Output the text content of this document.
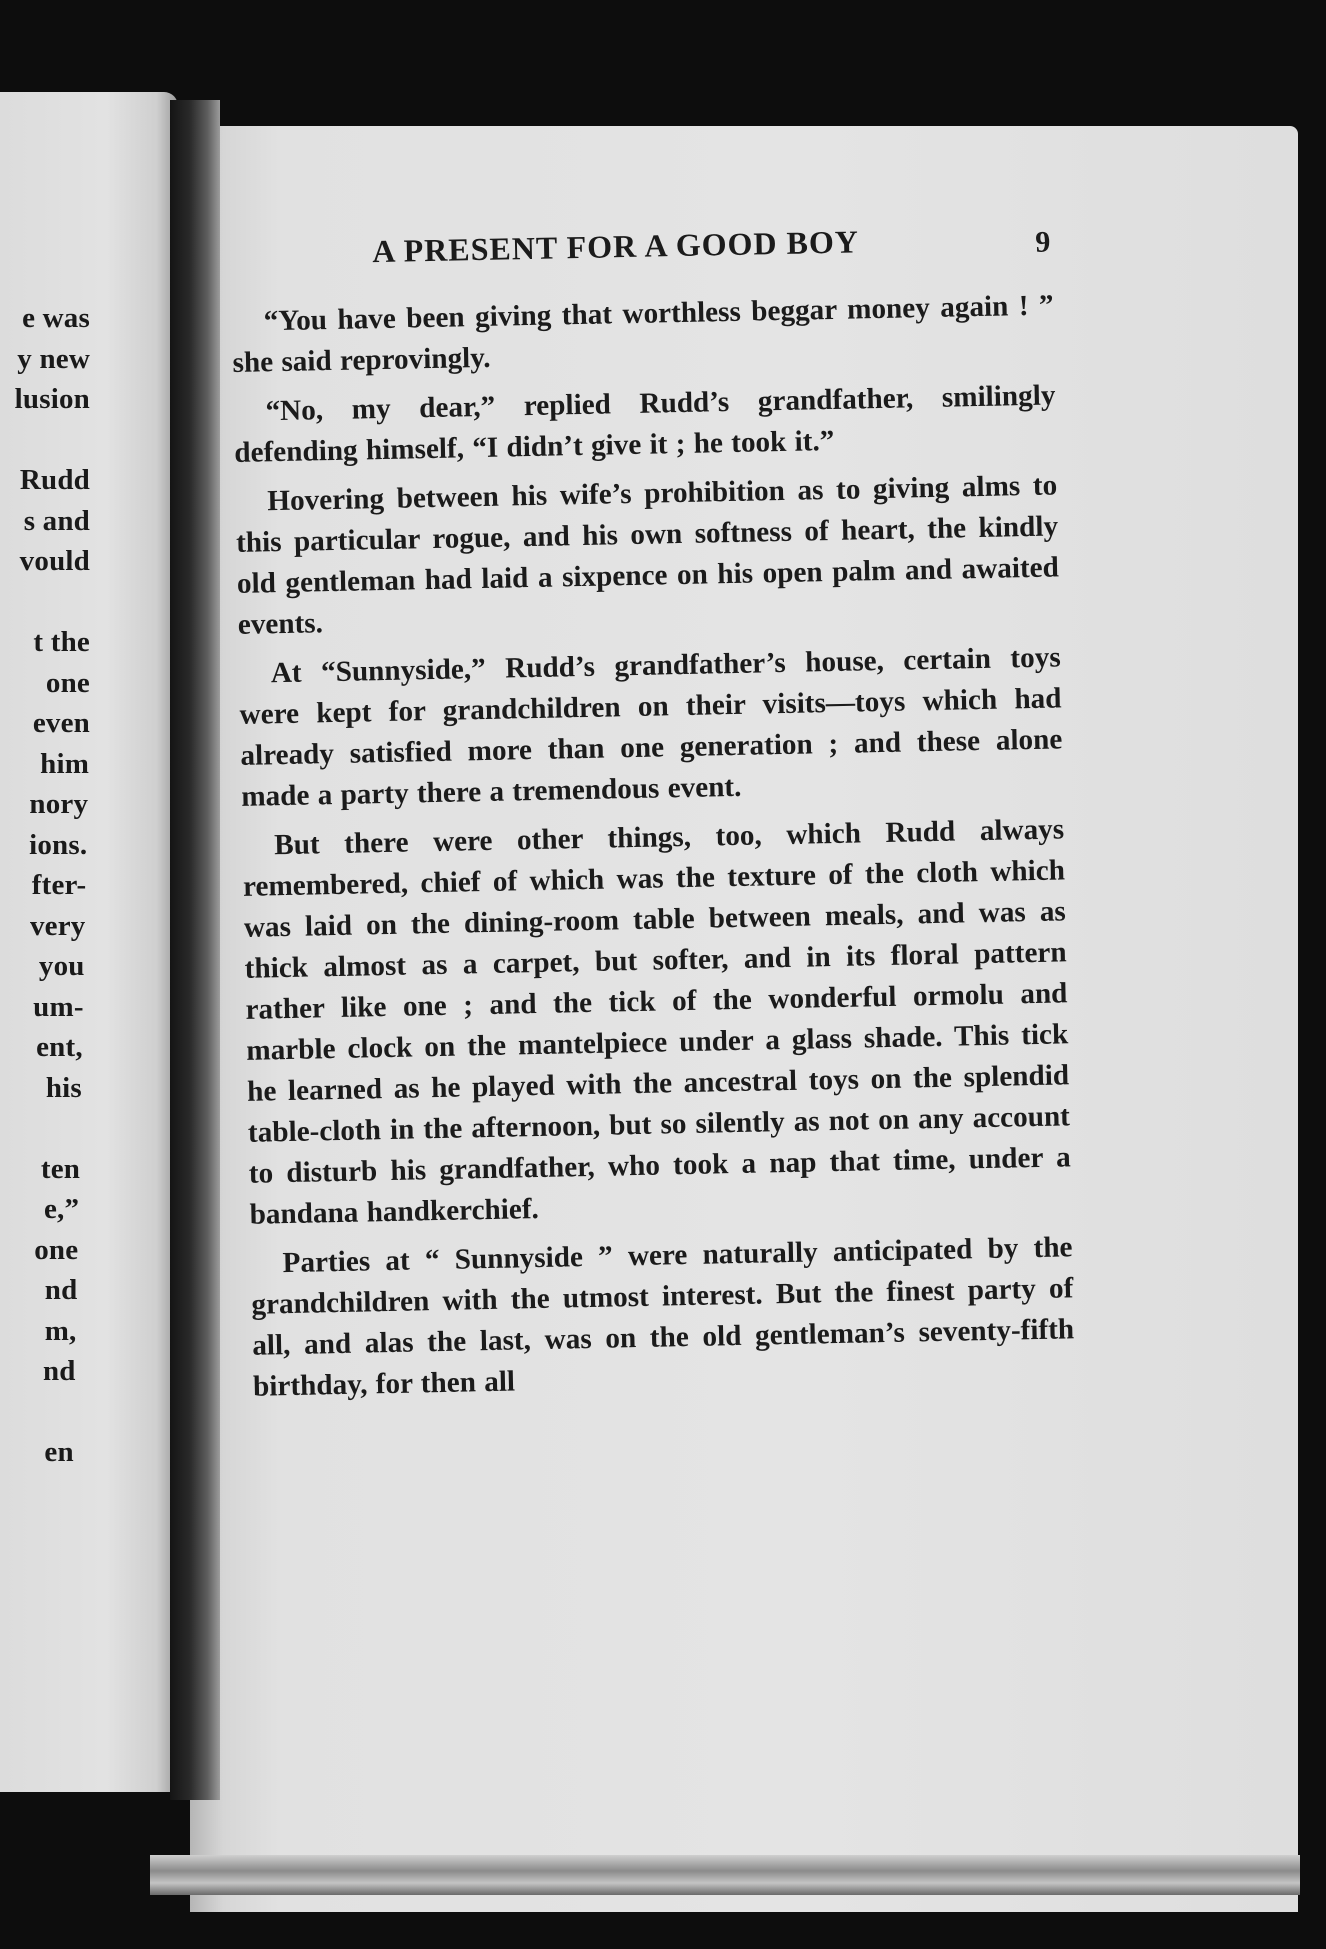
e was
y new
lusion
Rudd
s and
vould
t the
one
even
him
nory
ions.
fter-
very
you
um-
ent,
his
ten
e,”
one
nd
m,
nd
en
A PRESENT FOR A GOOD BOY	9

“You have been giving that worthless beggar money again ! ” she said reprovingly.

“No, my dear,” replied Rudd’s grandfather, smilingly defending himself, “I didn’t give it ; he took it.”

Hovering between his wife’s prohibition as to giving alms to this particular rogue, and his own softness of heart, the kindly old gentleman had laid a sixpence on his open palm and awaited events.

At “Sunnyside,” Rudd’s grandfather’s house, certain toys were kept for grandchildren on their visits—toys which had already satisfied more than one generation ; and these alone made a party there a tremendous event.

But there were other things, too, which Rudd always remembered, chief of which was the texture of the cloth which was laid on the dining-room table between meals, and was as thick almost as a carpet, but softer, and in its floral pattern rather like one ; and the tick of the wonderful ormolu and marble clock on the mantelpiece under a glass shade. This tick he learned as he played with the ancestral toys on the splendid table-cloth in the afternoon, but so silently as not on any account to disturb his grandfather, who took a nap that time, under a bandana handkerchief.

Parties at “ Sunnyside ” were naturally anticipated by the grandchildren with the utmost interest. But the finest party of all, and alas the last, was on the old gentleman’s seventy-fifth birthday, for then all
